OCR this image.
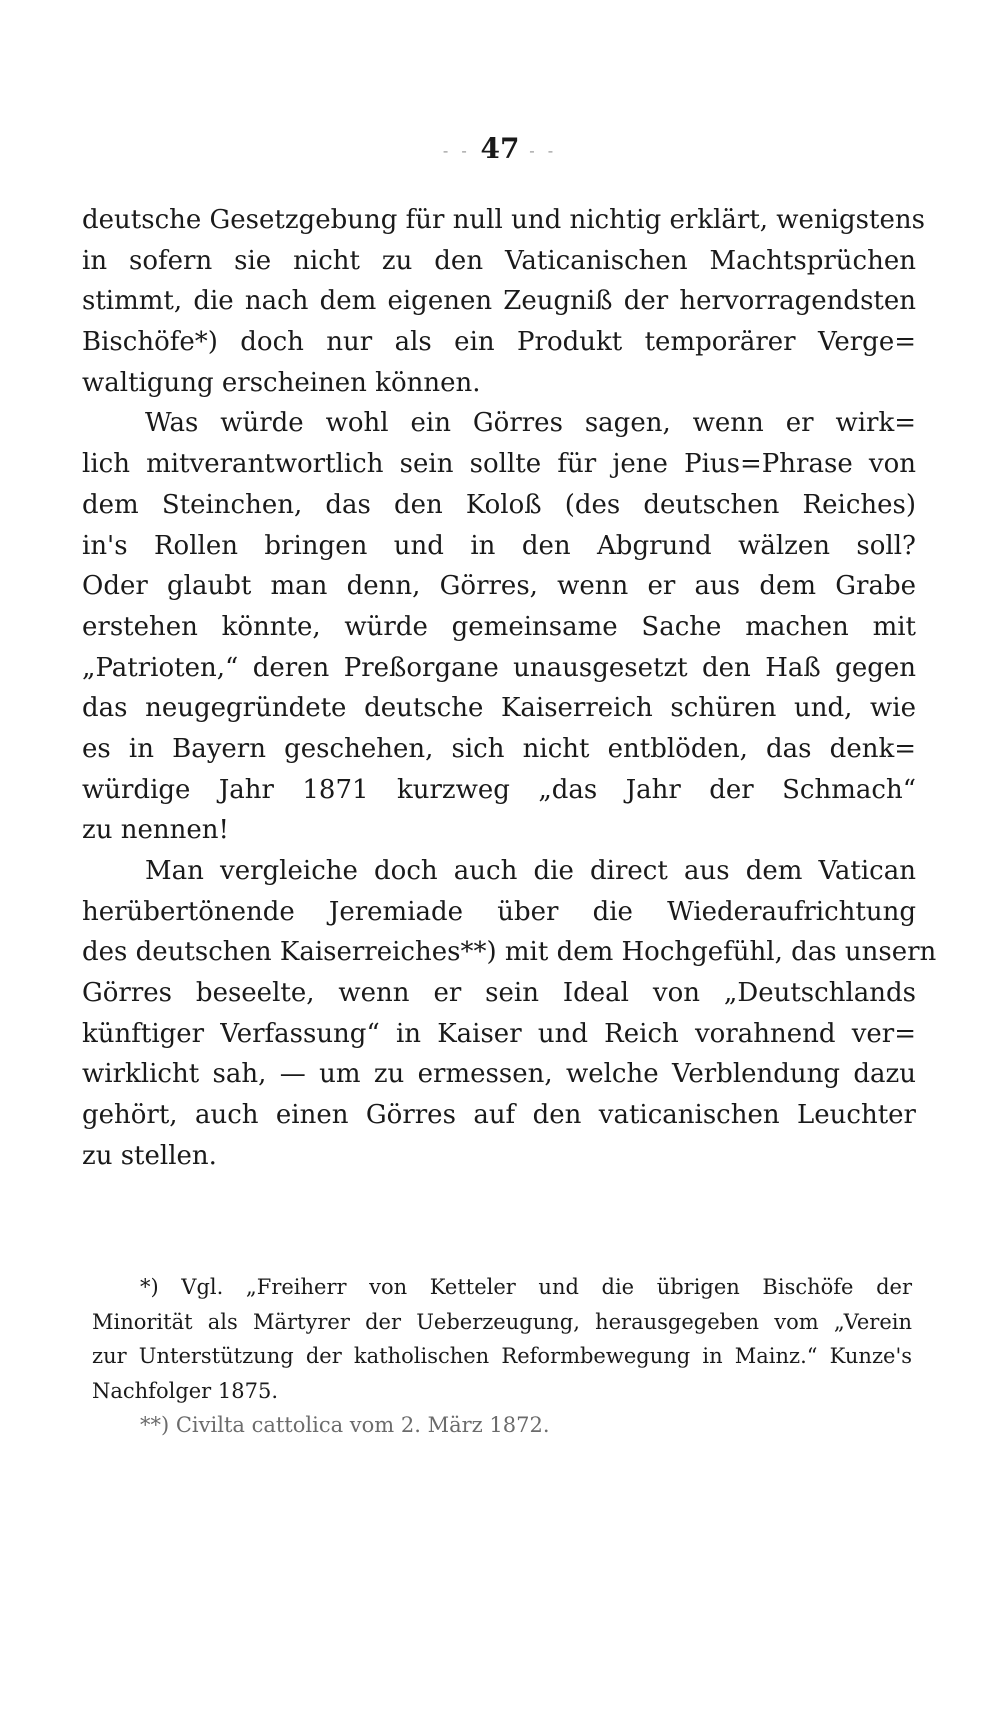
- - 47 - -
deutsche Gesetzgebung für null und nichtig erklärt, wenigstens
in sofern sie nicht zu den Vaticanischen Machtsprüchen
stimmt, die nach dem eigenen Zeugniß der hervorragendsten
Bischöfe*) doch nur als ein Produkt temporärer Verge=
waltigung erscheinen können.
Was würde wohl ein Görres sagen, wenn er wirk=
lich mitverantwortlich sein sollte für jene Pius=Phrase von
dem Steinchen, das den Koloß (des deutschen Reiches)
in's Rollen bringen und in den Abgrund wälzen soll?
Oder glaubt man denn, Görres, wenn er aus dem Grabe
erstehen könnte, würde gemeinsame Sache machen mit
„Patrioten,“ deren Preßorgane unausgesetzt den Haß gegen
das neugegründete deutsche Kaiserreich schüren und, wie
es in Bayern geschehen, sich nicht entblöden, das denk=
würdige Jahr 1871 kurzweg „das Jahr der Schmach“
zu nennen!
Man vergleiche doch auch die direct aus dem Vatican
herübertönende Jeremiade über die Wiederaufrichtung
des deutschen Kaiserreiches**) mit dem Hochgefühl, das unsern
Görres beseelte, wenn er sein Ideal von „Deutschlands
künftiger Verfassung“ in Kaiser und Reich vorahnend ver=
wirklicht sah, — um zu ermessen, welche Verblendung dazu
gehört, auch einen Görres auf den vaticanischen Leuchter
zu stellen.
*) Vgl. „Freiherr von Ketteler und die übrigen Bischöfe der
Minorität als Märtyrer der Ueberzeugung, herausgegeben vom „Verein
zur Unterstützung der katholischen Reformbewegung in Mainz.“ Kunze's
Nachfolger 1875.
**) Civilta cattolica vom 2. März 1872.
